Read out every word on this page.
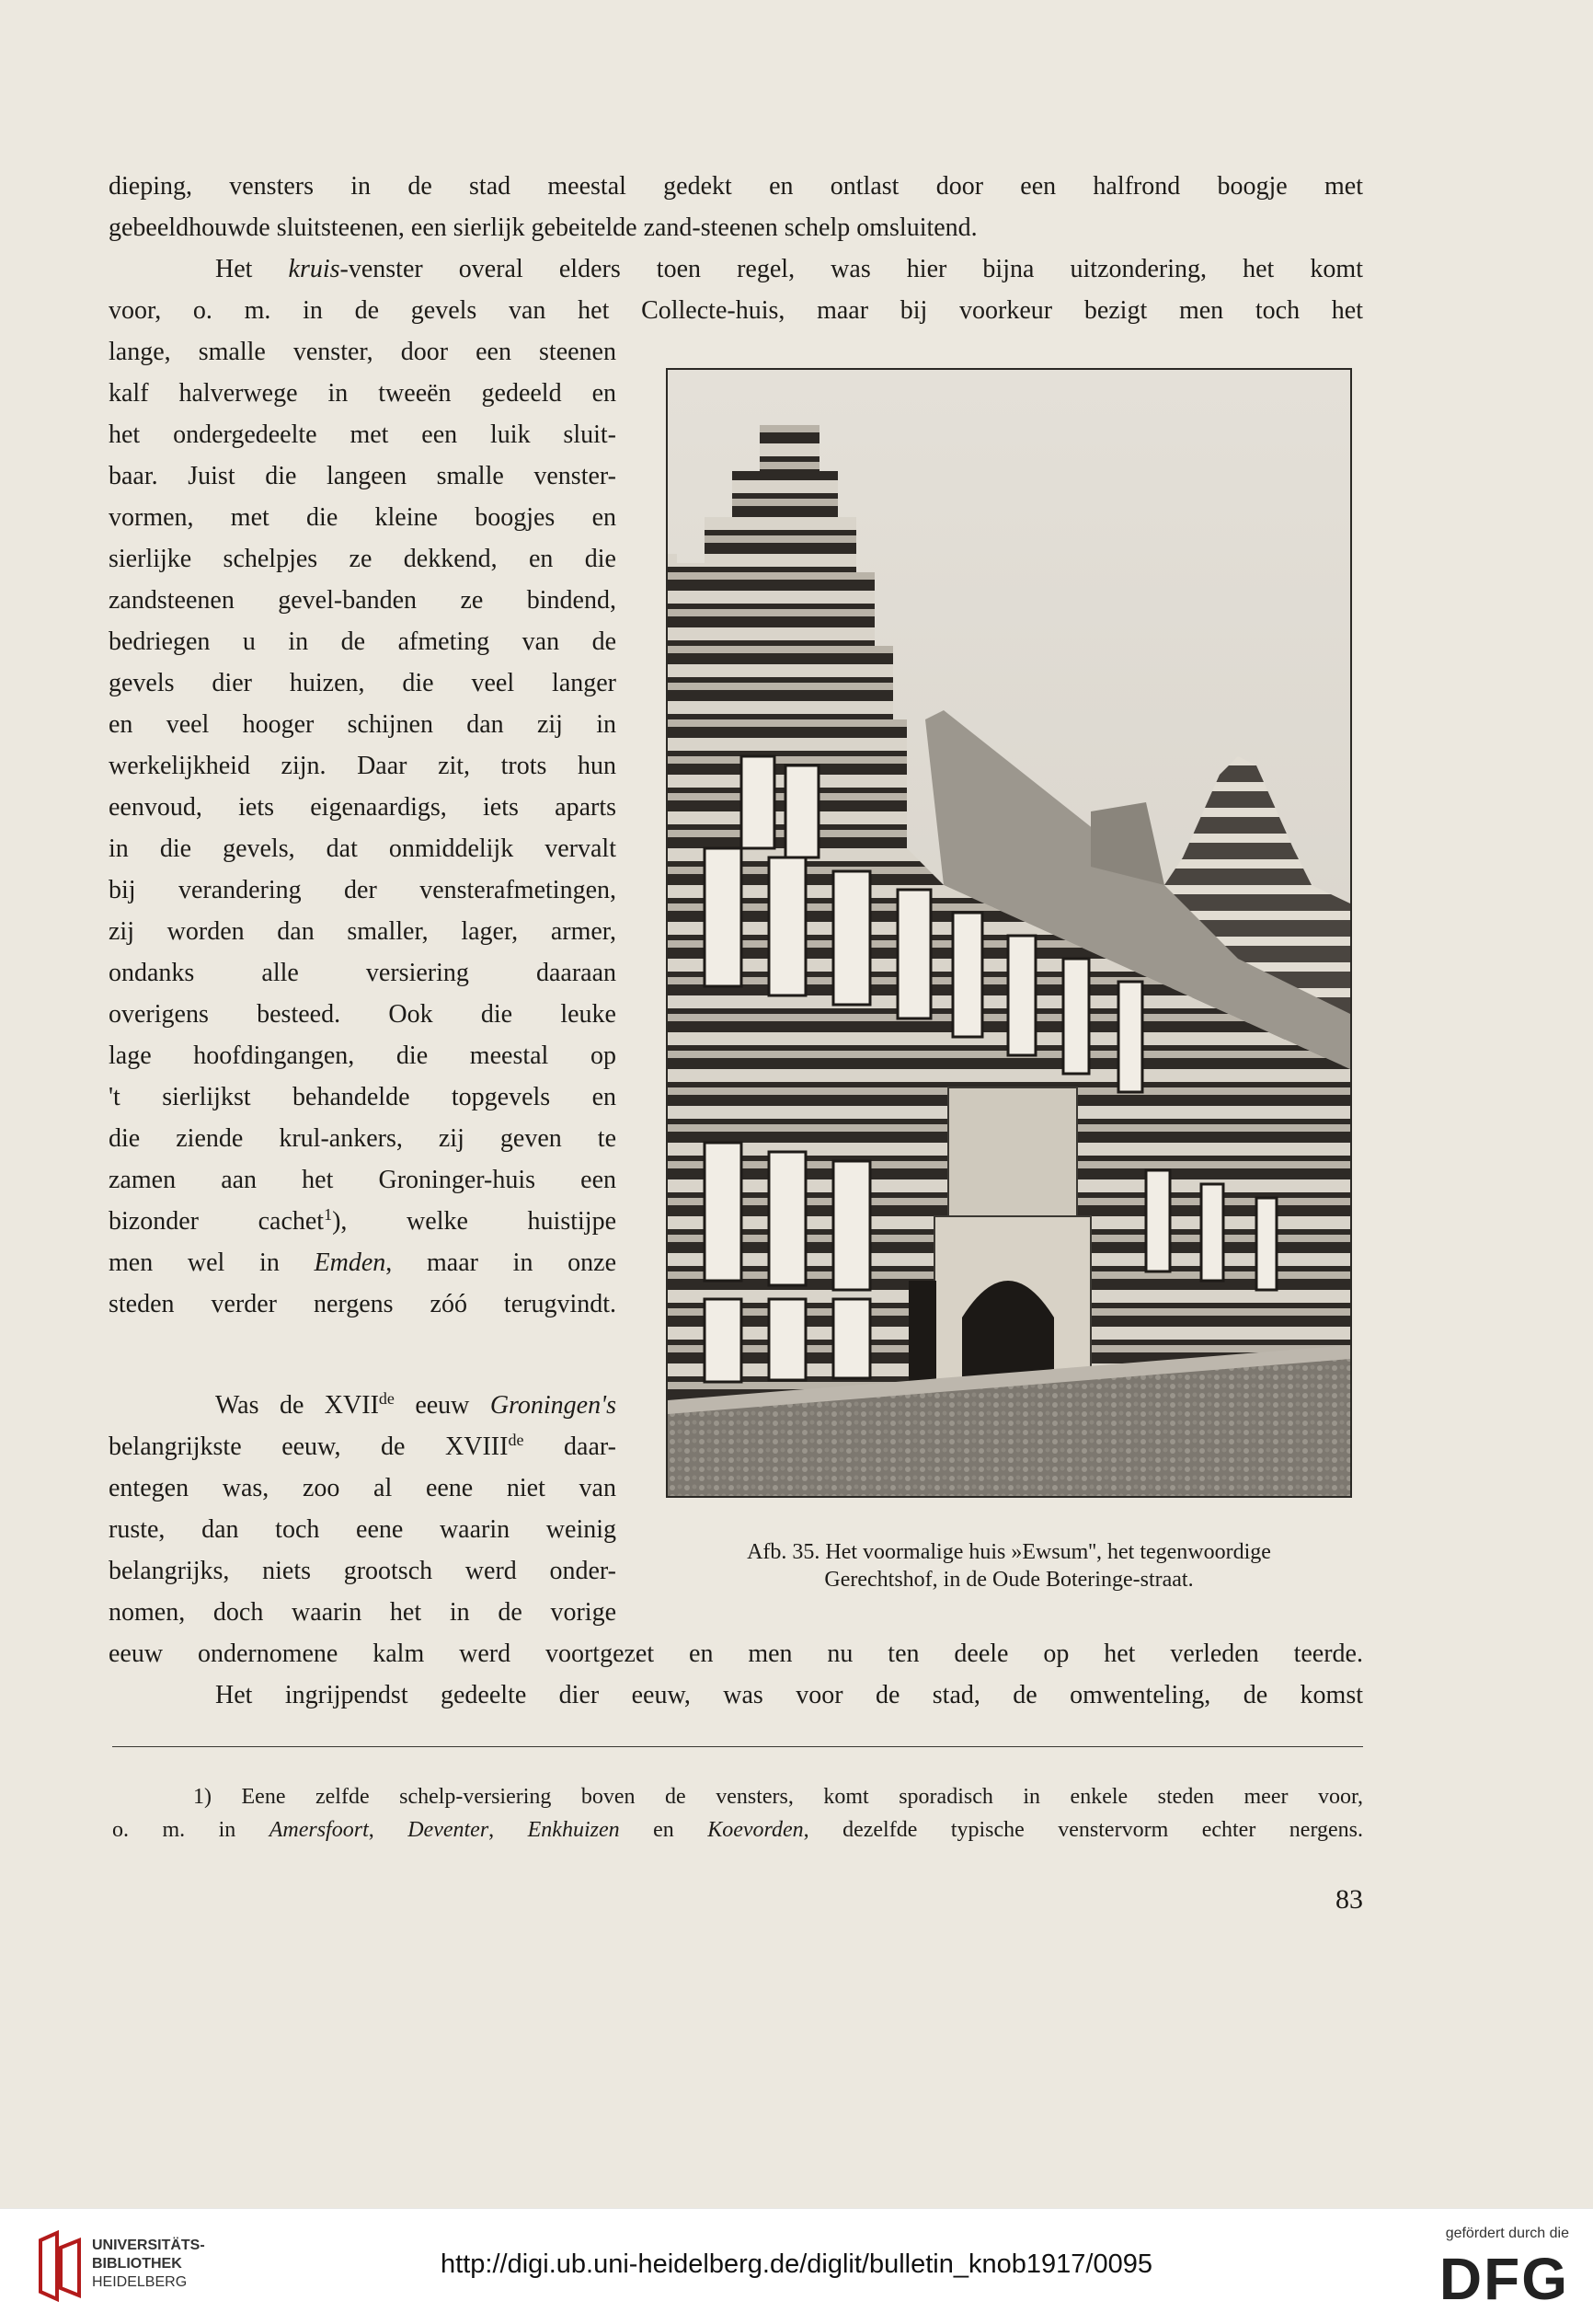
dieping, vensters in de stad meestal gedekt en ontlast door een halfrond boogje met

gebeeldhouwde sluitsteenen, een sierlijk gebeitelde zand-steenen schelp omsluitend.

Het kruis-venster overal elders toen regel, was hier bijna uitzondering, het komt

voor, o. m. in de gevels van het Collecte-huis, maar bij voorkeur bezigt men toch het

lange, smalle venster, door een steenen

kalf halverwege in tweeën gedeeld en

het ondergedeelte met een luik sluit-

baar. Juist die langeen smalle venster-

vormen, met die kleine boogjes en

sierlijke schelpjes ze dekkend, en die

zandsteenen gevel-banden ze bindend,

bedriegen u in de afmeting van de

gevels dier huizen, die veel langer

en veel hooger schijnen dan zij in

werkelijkheid zijn. Daar zit, trots hun

eenvoud, iets eigenaardigs, iets aparts

in die gevels, dat onmiddelijk vervalt

bij verandering der vensterafmetingen,

zij worden dan smaller, lager, armer,

ondanks alle versiering daaraan

overigens besteed. Ook die leuke

lage hoofdingangen, die meestal op

't sierlijkst behandelde topgevels en

die ziende krul-ankers, zij geven te

zamen aan het Groninger-huis een

bizonder cachet$^1$), welke huistijpe

men wel in Emden, maar in onze

steden verder nergens zóó terugvindt.

Was de XVIIde eeuw Groningen's

belangrijkste eeuw, de XVIIIde daar-

entegen was, zoo al eene niet van

ruste, dan toch eene waarin weinig

belangrijks, niets grootsch werd onder-

nomen, doch waarin het in de vorige

eeuw ondernomene kalm werd voortgezet en men nu ten deele op het verleden teerde.

Het ingrijpendst gedeelte dier eeuw, was voor de stad, de omwenteling, de komst

Afb. 35. Het voormalige huis »Ewsum'', het tegenwoordige
Gerechtshof, in de Oude Boteringe-straat.

1) Eene zelfde schelp-versiering boven de vensters, komt sporadisch in enkele steden meer voor,

o. m. in Amersfoort, Deventer, Enkhuizen en Koevorden, dezelfde typische venstervorm echter nergens.

83

UNIVERSITÄTS-
BIBLIOTHEK
HEIDELBERG
http://digi.ub.uni-heidelberg.de/diglit/bulletin_knob1917/0095
gefördert durch die
DFG
